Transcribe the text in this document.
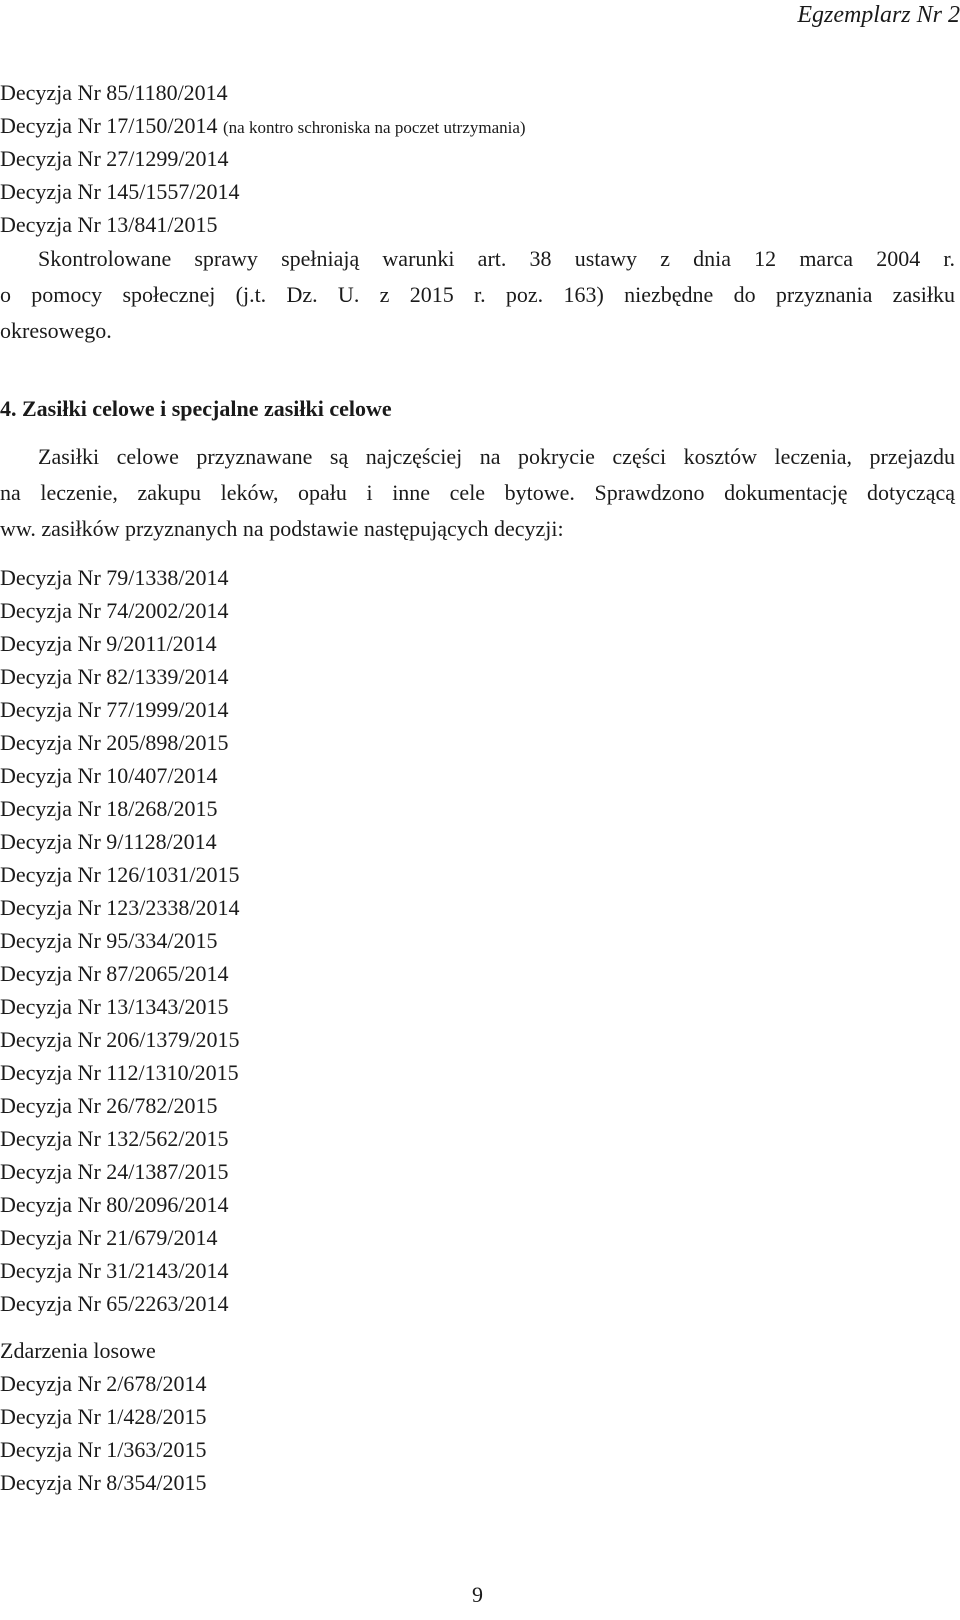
Egzemplarz Nr 2
Decyzja Nr 85/1180/2014
Decyzja Nr 17/150/2014 (na kontro schroniska na poczet utrzymania)
Decyzja Nr 27/1299/2014
Decyzja Nr 145/1557/2014
Decyzja Nr 13/841/2015
Skontrolowane sprawy spełniają warunki art. 38 ustawy z dnia 12 marca 2004 r.
o pomocy społecznej (j.t. Dz. U. z 2015 r. poz. 163) niezbędne do przyznania zasiłku
okresowego.
4. Zasiłki celowe i specjalne zasiłki celowe
Zasiłki celowe przyznawane są najczęściej na pokrycie części kosztów leczenia, przejazdu
na leczenie, zakupu leków, opału i inne cele bytowe. Sprawdzono dokumentację dotyczącą
ww. zasiłków przyznanych na podstawie następujących decyzji:
Decyzja Nr 79/1338/2014
Decyzja Nr 74/2002/2014
Decyzja Nr 9/2011/2014
Decyzja Nr 82/1339/2014
Decyzja Nr 77/1999/2014
Decyzja Nr 205/898/2015
Decyzja Nr 10/407/2014
Decyzja Nr 18/268/2015
Decyzja Nr 9/1128/2014
Decyzja Nr 126/1031/2015
Decyzja Nr 123/2338/2014
Decyzja Nr 95/334/2015
Decyzja Nr 87/2065/2014
Decyzja Nr 13/1343/2015
Decyzja Nr 206/1379/2015
Decyzja Nr 112/1310/2015
Decyzja Nr 26/782/2015
Decyzja Nr 132/562/2015
Decyzja Nr 24/1387/2015
Decyzja Nr 80/2096/2014
Decyzja Nr 21/679/2014
Decyzja Nr 31/2143/2014
Decyzja Nr 65/2263/2014
Zdarzenia losowe
Decyzja Nr 2/678/2014
Decyzja Nr 1/428/2015
Decyzja Nr 1/363/2015
Decyzja Nr 8/354/2015
9
